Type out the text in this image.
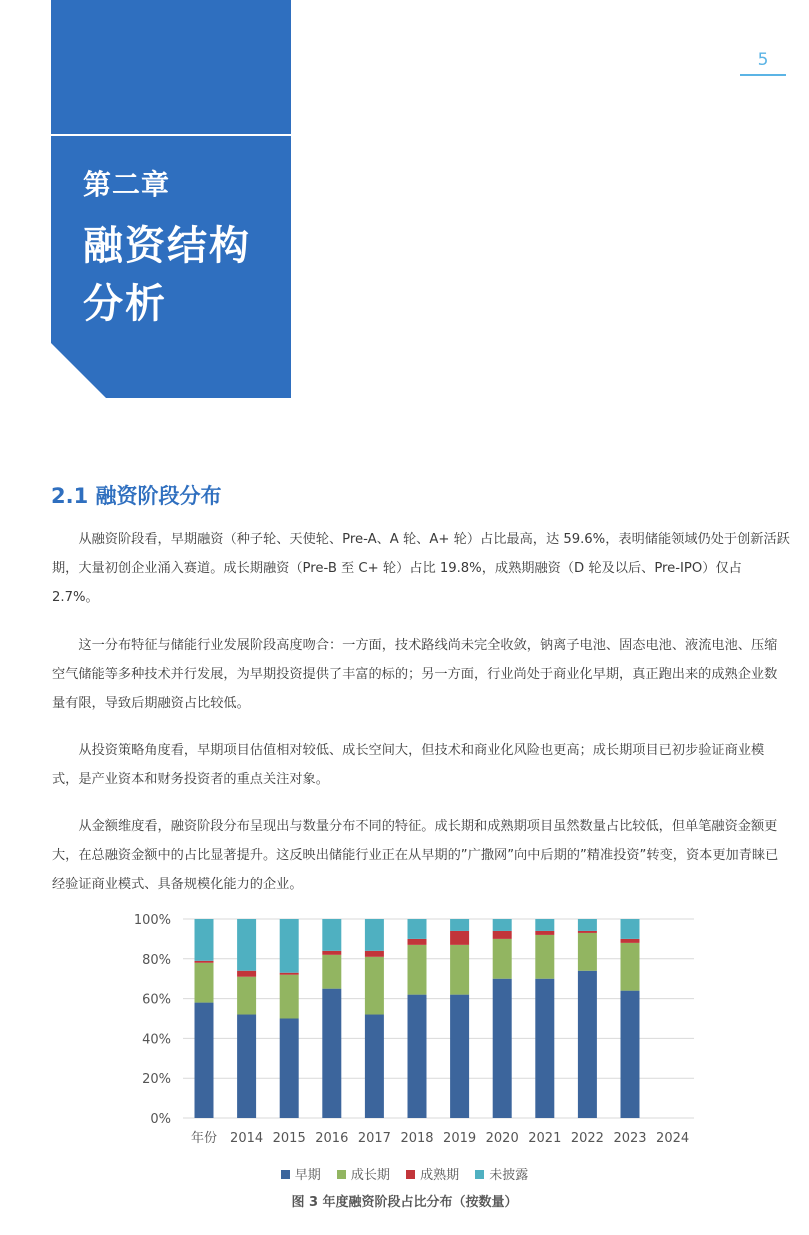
第二章
融资结构分析
5
2.1 融资阶段分布

从融资阶段看，早期融资（种子轮、天使轮、Pre-A、A 轮、A+ 轮）占比最高，达 59.6%，表明储能领域仍处于创新活跃期，大量初创企业涌入赛道。成长期融资（Pre-B 至 C+ 轮）占比 19.8%，成熟期融资（D 轮及以后、Pre-IPO）仅占 2.7%。

这一分布特征与储能行业发展阶段高度吻合：一方面，技术路线尚未完全收敛，钠离子电池、固态电池、液流电池、压缩空气储能等多种技术并行发展，为早期投资提供了丰富的标的；另一方面，行业尚处于商业化早期，真正跑出来的成熟企业数量有限，导致后期融资占比较低。

从投资策略角度看，早期项目估值相对较低、成长空间大，但技术和商业化风险也更高；成长期项目已初步验证商业模式，是产业资本和财务投资者的重点关注对象。

从金额维度看，融资阶段分布呈现出与数量分布不同的特征。成长期和成熟期项目虽然数量占比较低，但单笔融资金额更大，在总融资金额中的占比显著提升。这反映出储能行业正在从早期的”广撒网”向中后期的”精准投资”转变，资本更加青睐已经验证商业模式、具备规模化能力的企业。

0%
20%
40%
60%
80%
100%
2014 2015 2016 2017 2018 2019 2020 2021 2022 2023 2024
年份
早期 成长期 成熟期 未披露
图 3 年度融资阶段占比分布（按数量）
